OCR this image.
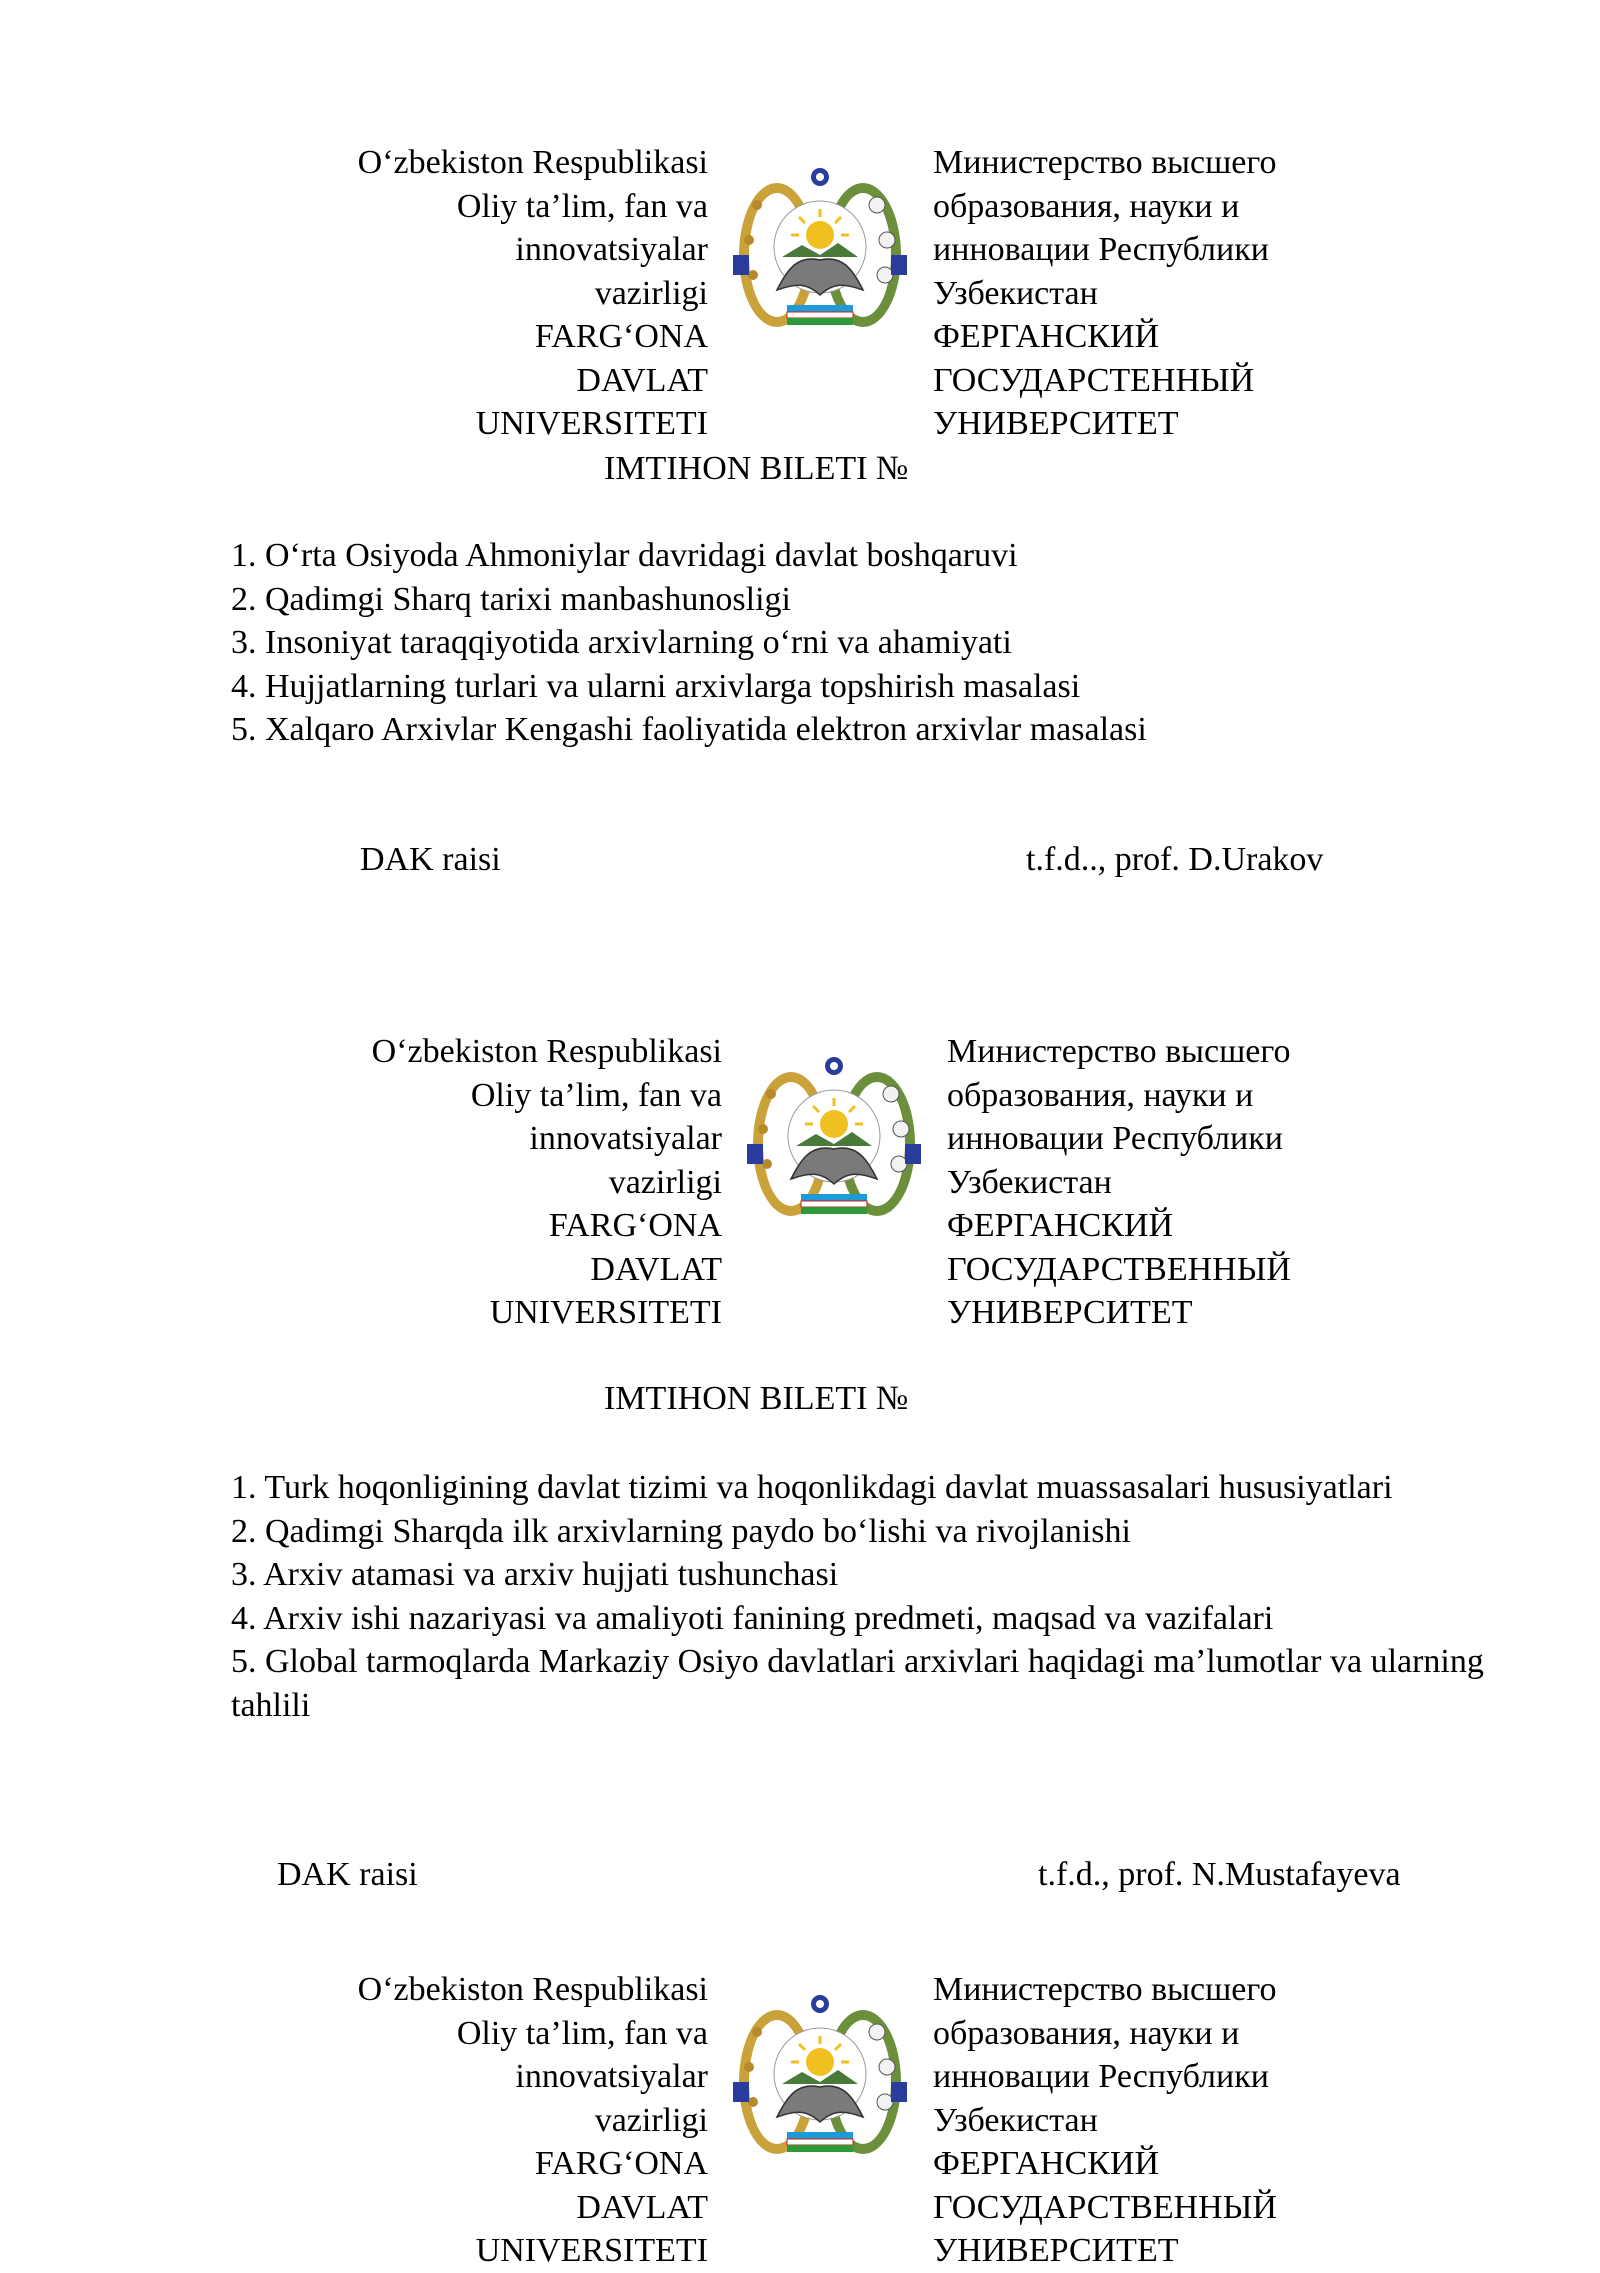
O‘zbekiston Respublikasi
Oliy ta’lim, fan va
innovatsiyalar
vazirligi
FARG‘ONA
DAVLAT
UNIVERSITETI
Министерство высшего
образования, науки и
инновации Республики
Узбекистан
ФЕРГАНСКИЙ
ГОСУДАРСТЕННЫЙ
УНИВЕРСИТЕТ
IMTIHON BILETI №
1. O‘rta Osiyoda Ahmoniylar davridagi davlat boshqaruvi
2. Qadimgi Sharq tarixi manbashunosligi
3. Insoniyat taraqqiyotida arxivlarning o‘rni va ahamiyati
4. Hujjatlarning turlari va ularni arxivlarga topshirish masalasi
5. Xalqaro Arxivlar Kengashi faoliyatida elektron arxivlar masalasi
DAK raisi	t.f.d.., prof. D.Urakov
O‘zbekiston Respublikasi
Oliy ta’lim, fan va
innovatsiyalar
vazirligi
FARG‘ONA
DAVLAT
UNIVERSITETI
Министерство высшего
образования, науки и
инновации Республики
Узбекистан
ФЕРГАНСКИЙ
ГОСУДАРСТВЕННЫЙ
УНИВЕРСИТЕТ
IMTIHON BILETI №
1. Turk hoqonligining davlat tizimi va hoqonlikdagi davlat muassasalari hususiyatlari
2. Qadimgi Sharqda ilk arxivlarning paydo bo‘lishi va rivojlanishi
3. Arxiv atamasi va arxiv hujjati tushunchasi
4. Arxiv ishi nazariyasi va amaliyoti fanining predmeti, maqsad va vazifalari
5. Global tarmoqlarda Markaziy Osiyo davlatlari arxivlari haqidagi ma’lumotlar va ularning tahlili
DAK raisi	t.f.d., prof. N.Mustafayeva
O‘zbekiston Respublikasi
Oliy ta’lim, fan va
innovatsiyalar
vazirligi
FARG‘ONA
DAVLAT
UNIVERSITETI
Министерство высшего
образования, науки и
инновации Республики
Узбекистан
ФЕРГАНСКИЙ
ГОСУДАРСТВЕННЫЙ
УНИВЕРСИТЕТ
